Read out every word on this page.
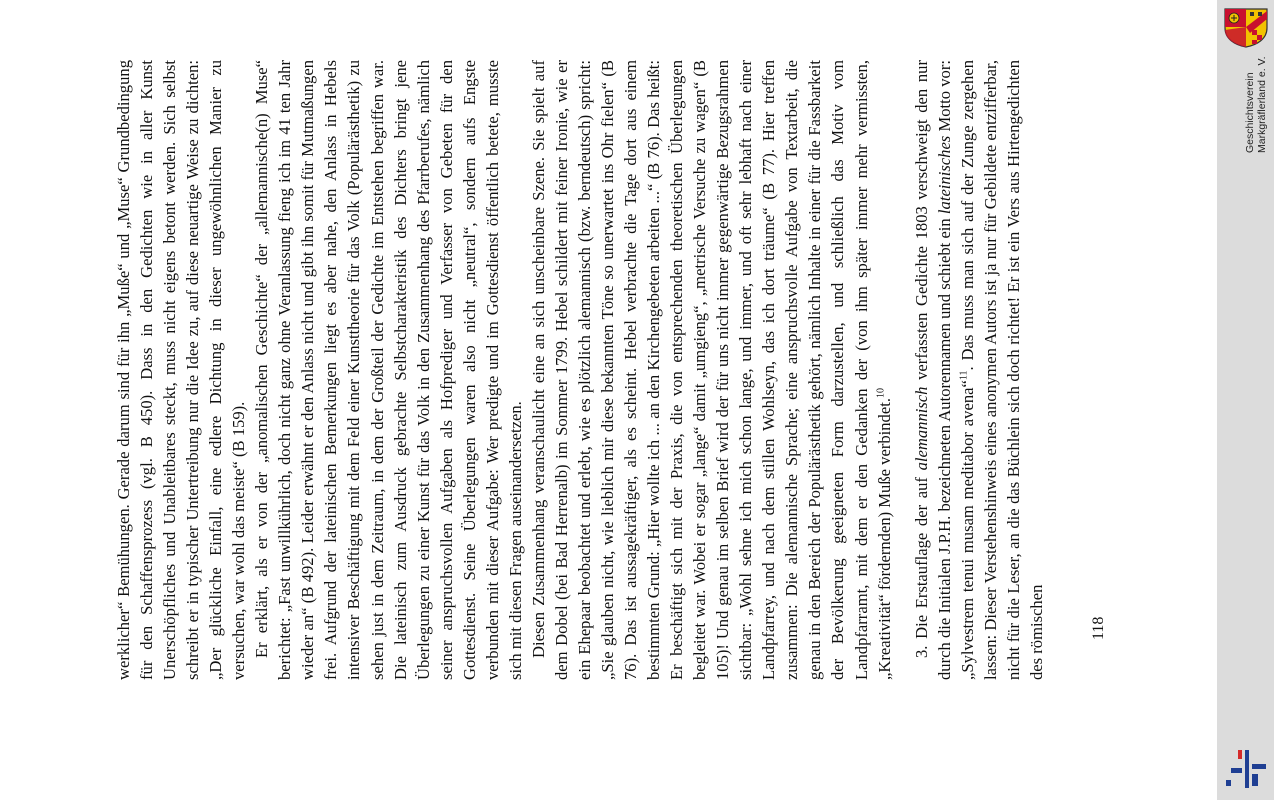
werklicher“ Bemühungen. Gerade darum sind für ihn „Muße“ und „Muse“ Grundbedingung für den Schaffensprozess (vgl. B 450). Dass in den Gedichten wie in aller Kunst Unerschöpfliches und Unableitbares steckt, muss nicht eigens betont werden. Sich selbst schreibt er in typischer Untertreibung nur die Idee zu, auf diese neuartige Weise zu dichten: „Der glückliche Einfall, eine edlere Dichtung in dieser ungewöhnlichen Manier zu versuchen, war wohl das meiste“ (B 159). Er erklärt, als er von der „anomalischen Geschichte“ der „allemannische(n) Muse“ berichtet: „Fast unwillkührlich, doch nicht ganz ohne Veranlassung fieng ich im 41 ten Jahr wieder an“ (B 492). Leider erwähnt er den Anlass nicht und gibt ihn somit für Mutmaßungen frei. Aufgrund der lateinischen Bemerkungen liegt es aber nahe, den Anlass in Hebels intensiver Beschäftigung mit dem Feld einer Kunsttheorie für das Volk (Populärästhetik) zu sehen just in dem Zeitraum, in dem der Großteil der Gedichte im Entstehen begriffen war. Die lateinisch zum Ausdruck gebrachte Selbstcharakteristik des Dichters bringt jene Überlegungen zu einer Kunst für das Volk in den Zusammenhang des Pfarrberufes, nämlich seiner anspruchsvollen Aufgaben als Hofprediger und Verfasser von Gebeten für den Gottesdienst. Seine Überlegungen waren also nicht „neutral“, sondern aufs Engste verbunden mit dieser Aufgabe: Wer predigte und im Gottesdienst öffentlich betete, musste sich mit diesen Fragen auseinandersetzen. Diesen Zusammenhang veranschaulicht eine an sich unscheinbare Szene. Sie spielt auf dem Dobel (bei Bad Herrenalb) im Sommer 1799. Hebel schildert mit feiner Ironie, wie er ein Ehepaar beobachtet und erlebt, wie es plötzlich alemannisch (bzw. berndeutsch) spricht: „Sie glauben nicht, wie lieblich mir diese bekannten Töne so unerwartet ins Ohr fielen“ (B 76). Das ist aussagekräftiger, als es scheint. Hebel verbrachte die Tage dort aus einem bestimmten Grund: „Hier wollte ich ... an den Kirchengebeten arbeiten ...“ (B 76). Das heißt: Er beschäftigt sich mit der Praxis, die von entsprechenden theoretischen Überlegungen begleitet war. Wobei er sogar „lange“ damit „umgieng“, „metrische Versuche zu wagen“ (B 105)! Und genau im selben Brief wird der für uns nicht immer gegenwärtige Bezugsrahmen sichtbar: „Wohl sehne ich mich schon lange, und immer, und oft sehr lebhaft nach einer Landpfarrey, und nach dem stillen Wohlseyn, das ich dort träume“ (B 77). Hier treffen zusammen: Die alemannische Sprache; eine anspruchsvolle Aufgabe von Textarbeit, die genau in den Bereich der Populärästhetik gehört, nämlich Inhalte in einer für die Fassbarkeit der Bevölkerung geeigneten Form darzustellen, und schließlich das Motiv vom Landpfarramt, mit dem er den Gedanken der (von ihm später immer mehr vermissten, „Kreativität“ fördernden) Muße verbindet.$^{10}$

3. Die Erstauflage der auf alemannisch verfassten Gedichte 1803 verschweigt den nur durch die Initialen J.P.H. bezeichneten Autorennamen und schiebt ein lateinisches Motto vor: „Sylvestrem tenui musam meditabor avena“$^{11}$. Das muss man sich auf der Zunge zergehen lassen: Dieser Verstehenshinweis eines anonymen Autors ist ja nur für Gebildete entzifferbar, nicht für die Leser, an die das Büchlein sich doch richtet! Er ist ein Vers aus Hirtengedichten des römischen	118
Geschichtsverein Markgräflerland e. V.
